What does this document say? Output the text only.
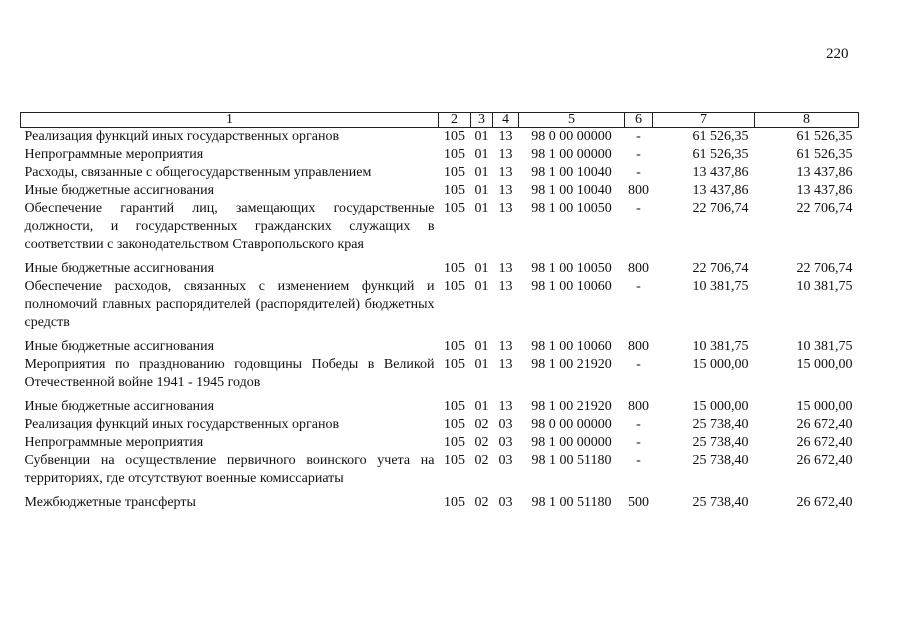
220
1	2	3	4	5	6	7	8
Реализация функций иных государственных органов	105	01	13	98 0 00 00000	-	61 526,35	61 526,35
Непрограммные мероприятия	105	01	13	98 1 00 00000	-	61 526,35	61 526,35
Расходы, связанные с общегосударственным управлением	105	01	13	98 1 00 10040	-	13 437,86	13 437,86
Иные бюджетные ассигнования	105	01	13	98 1 00 10040	800	13 437,86	13 437,86
Обеспечение гарантий лиц, замещающих государственные должности, и государственных гражданских служащих в соответствии с законодательством Ставропольского края	105	01	13	98 1 00 10050	-	22 706,74	22 706,74
Иные бюджетные ассигнования	105	01	13	98 1 00 10050	800	22 706,74	22 706,74
Обеспечение расходов, связанных с изменением функций и полномочий главных распорядителей (распорядителей) бюджетных средств	105	01	13	98 1 00 10060	-	10 381,75	10 381,75
Иные бюджетные ассигнования	105	01	13	98 1 00 10060	800	10 381,75	10 381,75
Мероприятия по празднованию годовщины Победы в Великой Отечественной войне 1941 - 1945 годов	105	01	13	98 1 00 21920	-	15 000,00	15 000,00
Иные бюджетные ассигнования	105	01	13	98 1 00 21920	800	15 000,00	15 000,00
Реализация функций иных государственных органов	105	02	03	98 0 00 00000	-	25 738,40	26 672,40
Непрограммные мероприятия	105	02	03	98 1 00 00000	-	25 738,40	26 672,40
Субвенции на осуществление первичного воинского учета на территориях, где отсутствуют военные комиссариаты	105	02	03	98 1 00 51180	-	25 738,40	26 672,40
Межбюджетные трансферты	105	02	03	98 1 00 51180	500	25 738,40	26 672,40
